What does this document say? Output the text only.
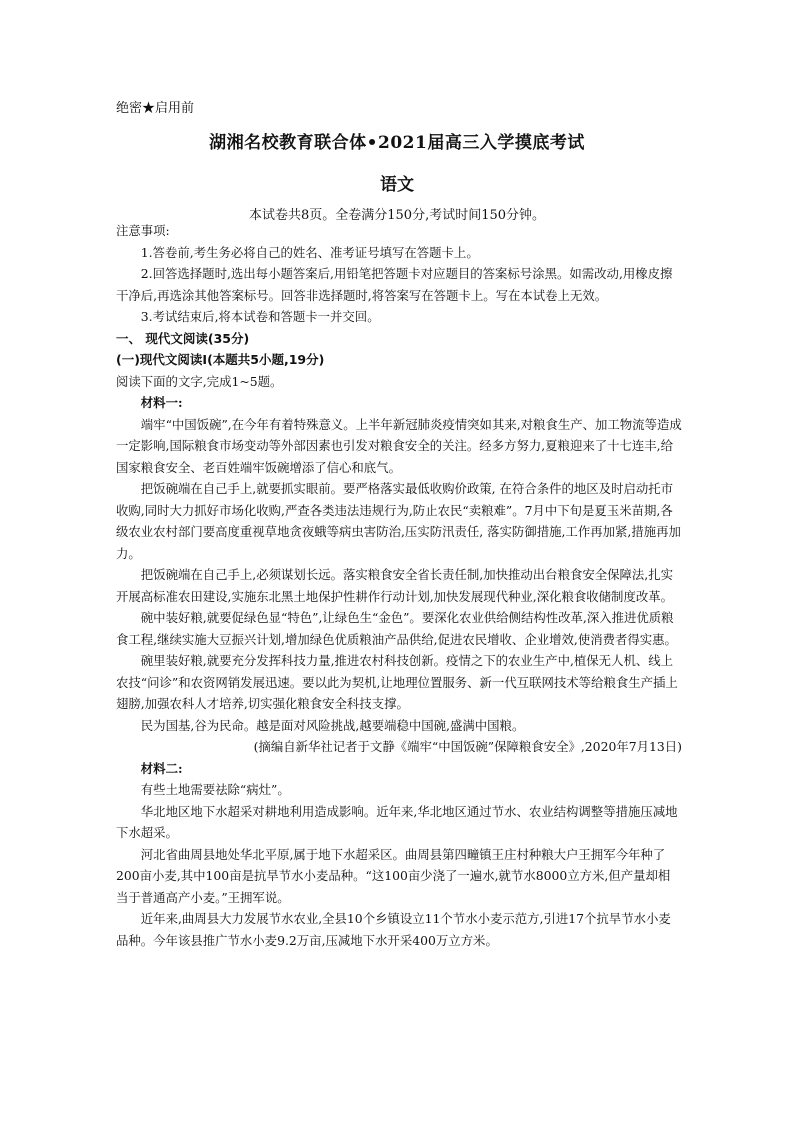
绝密★启用前
湖湘名校教育联合体•2021届高三入学摸底考试
语文
本试卷共8页。全卷满分150分,考试时间150分钟。

注意事项:

1.答卷前,考生务必将自己的姓名、准考证号填写在答题卡上。

2.回答选择题时,选出每小题答案后,用铅笔把答题卡对应题目的答案标号涂黑。如需改动,用橡皮擦干净后,再选涂其他答案标号。回答非选择题时,将答案写在答题卡上。写在本试卷上无效。

3.考试结束后,将本试卷和答题卡一并交回。

一、 现代文阅读(35分)

(一)现代文阅读Ⅰ(本题共5小题,19分)

阅读下面的文字,完成1~5题。

材料一:

端牢“中国饭碗”,在今年有着特殊意义。上半年新冠肺炎疫情突如其来,对粮食生产、加工物流等造成一定影响,国际粮食市场变动等外部因素也引发对粮食安全的关注。经多方努力,夏粮迎来了十七连丰,给国家粮食安全、老百姓端牢饭碗增添了信心和底气。

把饭碗端在自己手上,就要抓实眼前。要严格落实最低收购价政策, 在符合条件的地区及时启动托市收购,同时大力抓好市场化收购,严查各类违法违规行为,防止农民“卖粮难”。7月中下旬是夏玉米苗期,各级农业农村部门要高度重视草地贪夜蛾等病虫害防治,压实防汛责任, 落实防御措施,工作再加紧,措施再加力。

把饭碗端在自己手上,必须谋划长远。落实粮食安全省长责任制,加快推动出台粮食安全保障法,扎实开展高标准农田建设,实施东北黑土地保护性耕作行动计划,加快发展现代种业,深化粮食收储制度改革。

碗中装好粮,就要促绿色显“特色”,让绿色生“金色”。要深化农业供给侧结构性改革,深入推进优质粮食工程,继续实施大豆振兴计划,增加绿色优质粮油产品供给,促进农民增收、企业增效,使消费者得实惠。

碗里装好粮,就要充分发挥科技力量,推进农村科技创新。疫情之下的农业生产中,植保无人机、线上农技“问诊”和农资网销发展迅速。要以此为契机,让地理位置服务、新一代互联网技术等给粮食生产插上翅膀,加强农科人才培养,切实强化粮食安全科技支撑。

民为国基,谷为民命。越是面对风险挑战,越要端稳中国碗,盛满中国粮。

(摘编自新华社记者于文静《端牢“中国饭碗”保障粮食安全》,2020年7月13日)

材料二:

有些土地需要祛除“病灶”。

华北地区地下水超采对耕地利用造成影响。近年来,华北地区通过节水、农业结构调整等措施压减地下水超采。

河北省曲周县地处华北平原,属于地下水超采区。曲周县第四疃镇王庄村种粮大户王拥军今年种了200亩小麦,其中100亩是抗旱节水小麦品种。“这100亩少浇了一遍水,就节水8000立方米,但产量却相当于普通高产小麦。”王拥军说。

近年来,曲周县大力发展节水农业,全县10个乡镇设立11个节水小麦示范方,引进17个抗旱节水小麦品种。今年该县推广节水小麦9.2万亩,压减地下水开采400万立方米。
